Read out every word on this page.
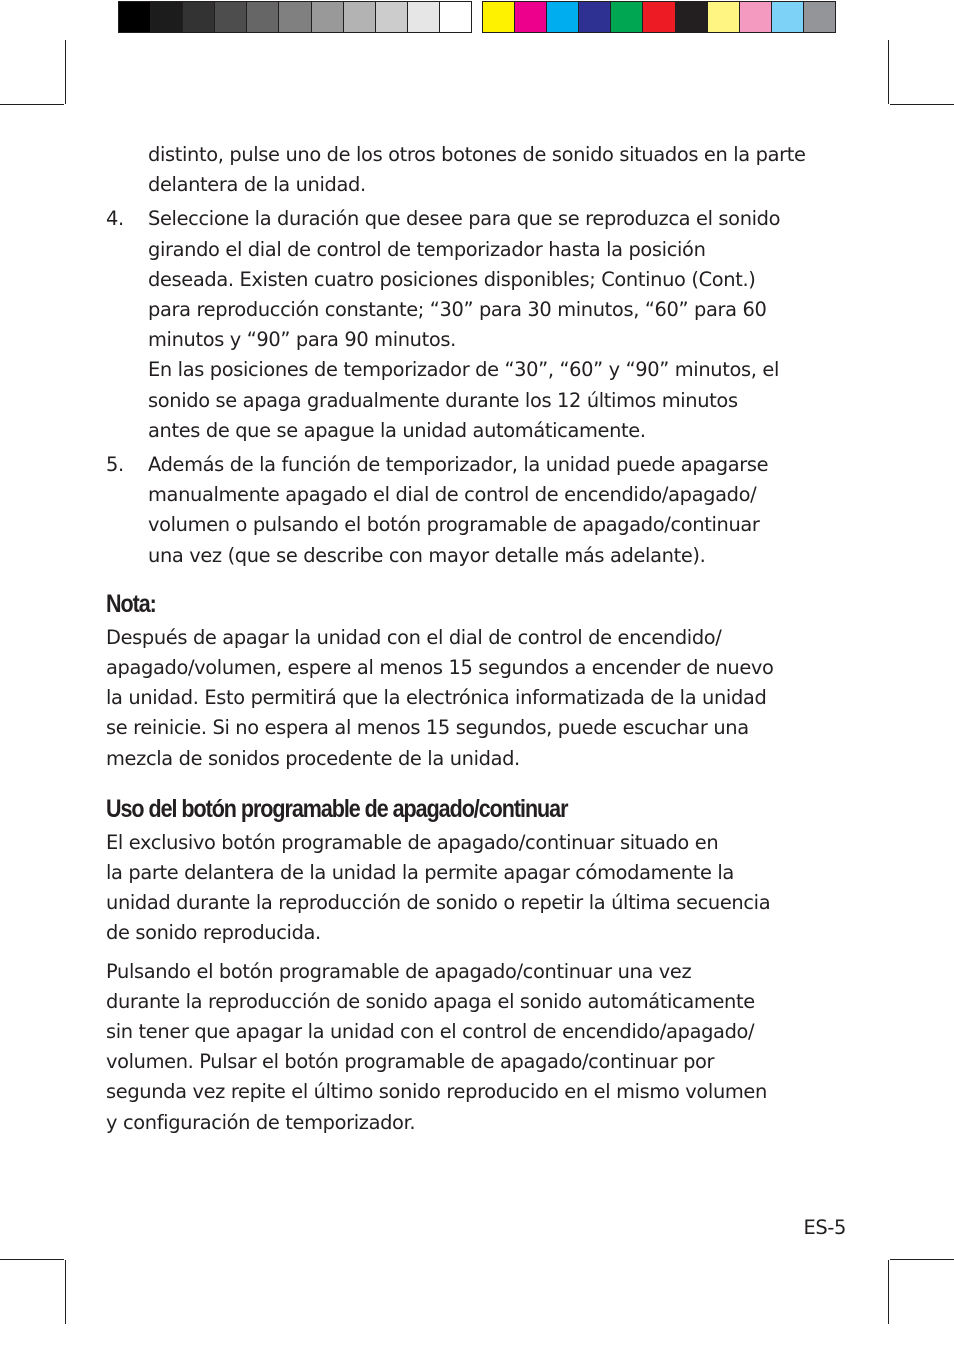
distinto, pulse uno de los otros botones de sonido situados en la parte delantera de la unidad.

4.	Seleccione la duración que desee para que se reproduzca el sonido
girando el dial de control de temporizador hasta la posición
deseada. Existen cuatro posiciones disponibles; Continuo (Cont.)
para reproducción constante; “30” para 30 minutos, “60” para 60
minutos y “90” para 90 minutos.
En las posiciones de temporizador de “30”, “60” y “90” minutos, el
sonido se apaga gradualmente durante los 12 últimos minutos
antes de que se apague la unidad automáticamente.
5.	Además de la función de temporizador, la unidad puede apagarse
manualmente apagado el dial de control de encendido/apagado/
volumen o pulsando el botón programable de apagado/continuar
una vez (que se describe con mayor detalle más adelante).
Nota:
Después de apagar la unidad con el dial de control de encendido/
apagado/volumen, espere al menos 15 segundos a encender de nuevo
la unidad. Esto permitirá que la electrónica informatizada de la unidad
se reinicie. Si no espera al menos 15 segundos, puede escuchar una
mezcla de sonidos procedente de la unidad.
Uso del botón programable de apagado/continuar
El exclusivo botón programable de apagado/continuar situado en
la parte delantera de la unidad la permite apagar cómodamente la
unidad durante la reproducción de sonido o repetir la última secuencia
de sonido reproducida.
Pulsando el botón programable de apagado/continuar una vez
durante la reproducción de sonido apaga el sonido automáticamente
sin tener que apagar la unidad con el control de encendido/apagado/
volumen. Pulsar el botón programable de apagado/continuar por
segunda vez repite el último sonido reproducido en el mismo volumen
y configuración de temporizador.
ES-5
